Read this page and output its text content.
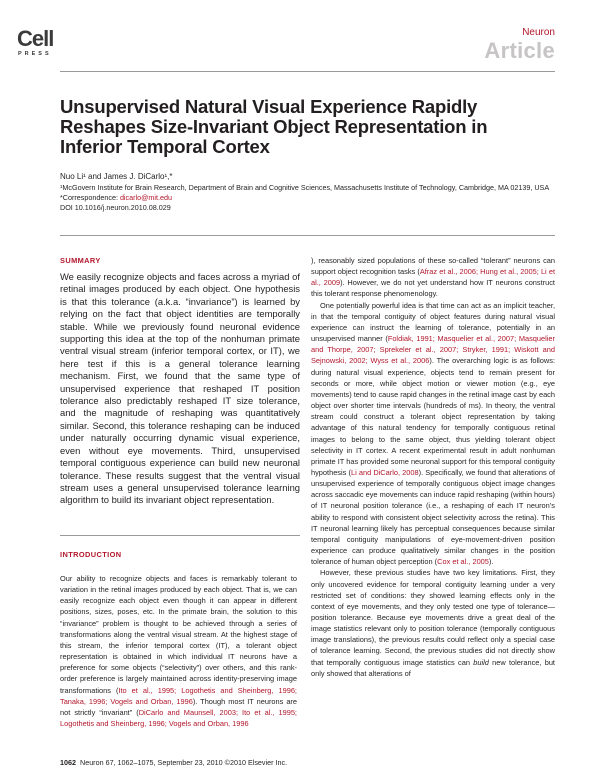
Cell
PRESS
Neuron
Article
Unsupervised Natural Visual Experience Rapidly Reshapes Size-Invariant Object Representation in Inferior Temporal Cortex
Nuo Li¹ and James J. DiCarlo¹,*
¹McGovern Institute for Brain Research, Department of Brain and Cognitive Sciences, Massachusetts Institute of Technology, Cambridge, MA 02139, USA
*Correspondence: dicarlo@mit.edu
DOI 10.1016/j.neuron.2010.08.029
SUMMARY
We easily recognize objects and faces across a myriad of retinal images produced by each object. One hypothesis is that this tolerance (a.k.a. “invariance”) is learned by relying on the fact that object identities are temporally stable. While we previously found neuronal evidence supporting this idea at the top of the nonhuman primate ventral visual stream (inferior temporal cortex, or IT), we here test if this is a general tolerance learning mechanism. First, we found that the same type of unsupervised experience that reshaped IT position tolerance also predictably reshaped IT size tolerance, and the magnitude of reshaping was quantitatively similar. Second, this tolerance reshaping can be induced under naturally occurring dynamic visual experience, even without eye movements. Third, unsupervised temporal contiguous experience can build new neuronal tolerance. These results suggest that the ventral visual stream uses a general unsupervised tolerance learning algorithm to build its invariant object representation.
INTRODUCTION

Our ability to recognize objects and faces is remarkably tolerant to variation in the retinal images produced by each object. That is, we can easily recognize each object even though it can appear in different positions, sizes, poses, etc. In the primate brain, the solution to this “invariance” problem is thought to be achieved through a series of transformations along the ventral visual stream. At the highest stage of this stream, the inferior temporal cortex (IT), a tolerant object representation is obtained in which individual IT neurons have a preference for some objects (“selectivity”) over others, and this rank-order preference is largely maintained across identity-preserving image transformations (Ito et al., 1995; Logothetis and Sheinberg, 1996; Tanaka, 1996; Vogels and Orban, 1996). Though most IT neurons are not strictly “invariant” (DiCarlo and Maunsell, 2003; Ito et al., 1995; Logothetis and Sheinberg, 1996; Vogels and Orban, 1996

), reasonably sized populations of these so-called “tolerant” neurons can support object recognition tasks (Afraz et al., 2006; Hung et al., 2005; Li et al., 2009). However, we do not yet understand how IT neurons construct this tolerant response phenomenology.

One potentially powerful idea is that time can act as an implicit teacher, in that the temporal contiguity of object features during natural visual experience can instruct the learning of tolerance, potentially in an unsupervised manner (Foldiak, 1991; Masquelier et al., 2007; Masquelier and Thorpe, 2007; Sprekeler et al., 2007; Stryker, 1991; Wiskott and Sejnowski, 2002; Wyss et al., 2006). The overarching logic is as follows: during natural visual experience, objects tend to remain present for seconds or more, while object motion or viewer motion (e.g., eye movements) tend to cause rapid changes in the retinal image cast by each object over shorter time intervals (hundreds of ms). In theory, the ventral stream could construct a tolerant object representation by taking advantage of this natural tendency for temporally contiguous retinal images to belong to the same object, thus yielding tolerant object selectivity in IT cortex. A recent experimental result in adult nonhuman primate IT has provided some neuronal support for this temporal contiguity hypothesis (Li and DiCarlo, 2008). Specifically, we found that alterations of unsupervised experience of temporally contiguous object image changes across saccadic eye movements can induce rapid reshaping (within hours) of IT neuronal position tolerance (i.e., a reshaping of each IT neuron’s ability to respond with consistent object selectivity across the retina). This IT neuronal learning likely has perceptual consequences because similar temporal contiguity manipulations of eye-movement-driven position experience can produce qualitatively similar changes in the position tolerance of human object perception (Cox et al., 2005).

However, these previous studies have two key limitations. First, they only uncovered evidence for temporal contiguity learning under a very restricted set of conditions: they showed learning effects only in the context of eye movements, and they only tested one type of tolerance—position tolerance. Because eye movements drive a great deal of the image statistics relevant only to position tolerance (temporally contiguous image translations), the previous results could reflect only a special case of tolerance learning. Second, the previous studies did not directly show that temporally contiguous image statistics can build new tolerance, but only showed that alterations of

1062 Neuron 67, 1062–1075, September 23, 2010 ©2010 Elsevier Inc.
